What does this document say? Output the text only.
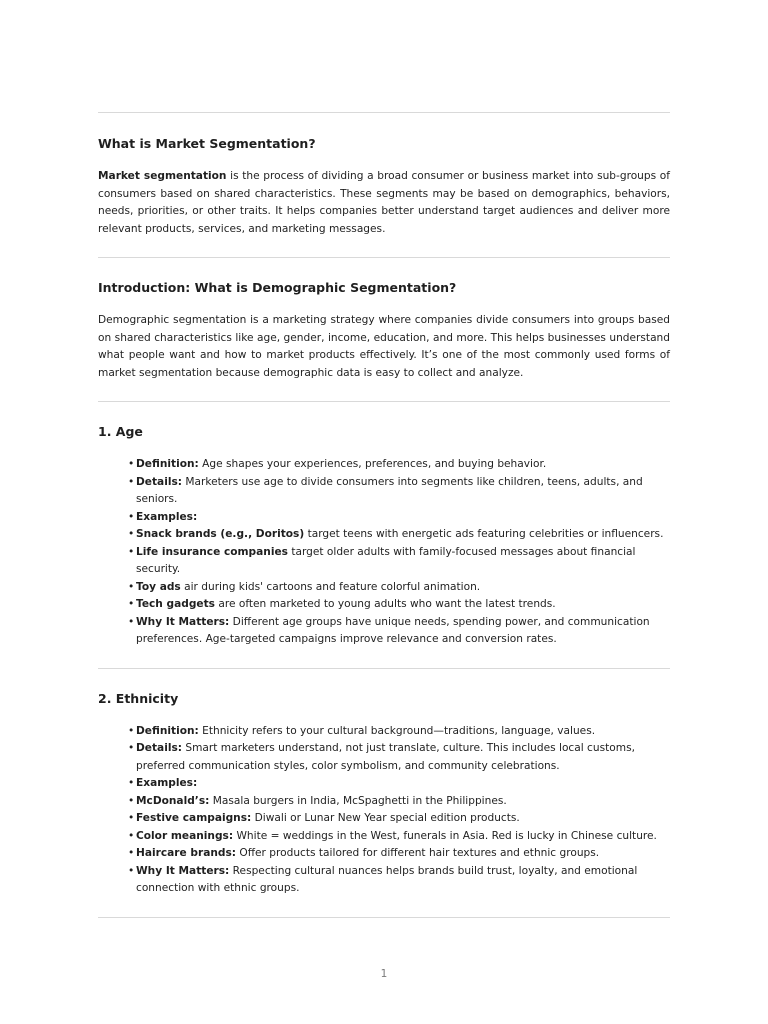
What is Market Segmentation?

Market segmentation is the process of dividing a broad consumer or business market into sub-groups of consumers based on shared characteristics. These segments may be based on demographics, behaviors, needs, priorities, or other traits. It helps companies better understand target audiences and deliver more relevant products, services, and marketing messages.

Introduction: What is Demographic Segmentation?

Demographic segmentation is a marketing strategy where companies divide consumers into groups based on shared characteristics like age, gender, income, education, and more. This helps businesses understand what people want and how to market products effectively. It’s one of the most commonly used forms of market segmentation because demographic data is easy to collect and analyze.

1. Age
• Definition: Age shapes your experiences, preferences, and buying behavior.
• Details: Marketers use age to divide consumers into segments like children, teens, adults, and seniors.
• Examples:
• Snack brands (e.g., Doritos) target teens with energetic ads featuring celebrities or influencers.
• Life insurance companies target older adults with family-focused messages about financial security.
• Toy ads air during kids' cartoons and feature colorful animation.
• Tech gadgets are often marketed to young adults who want the latest trends.
• Why It Matters: Different age groups have unique needs, spending power, and communication preferences. Age-targeted campaigns improve relevance and conversion rates.
2. Ethnicity
• Definition: Ethnicity refers to your cultural background—traditions, language, values.
• Details: Smart marketers understand, not just translate, culture. This includes local customs, preferred communication styles, color symbolism, and community celebrations.
• Examples:
• McDonald’s: Masala burgers in India, McSpaghetti in the Philippines.
• Festive campaigns: Diwali or Lunar New Year special edition products.
• Color meanings: White = weddings in the West, funerals in Asia. Red is lucky in Chinese culture.
• Haircare brands: Offer products tailored for different hair textures and ethnic groups.
• Why It Matters: Respecting cultural nuances helps brands build trust, loyalty, and emotional connection with ethnic groups.
1
